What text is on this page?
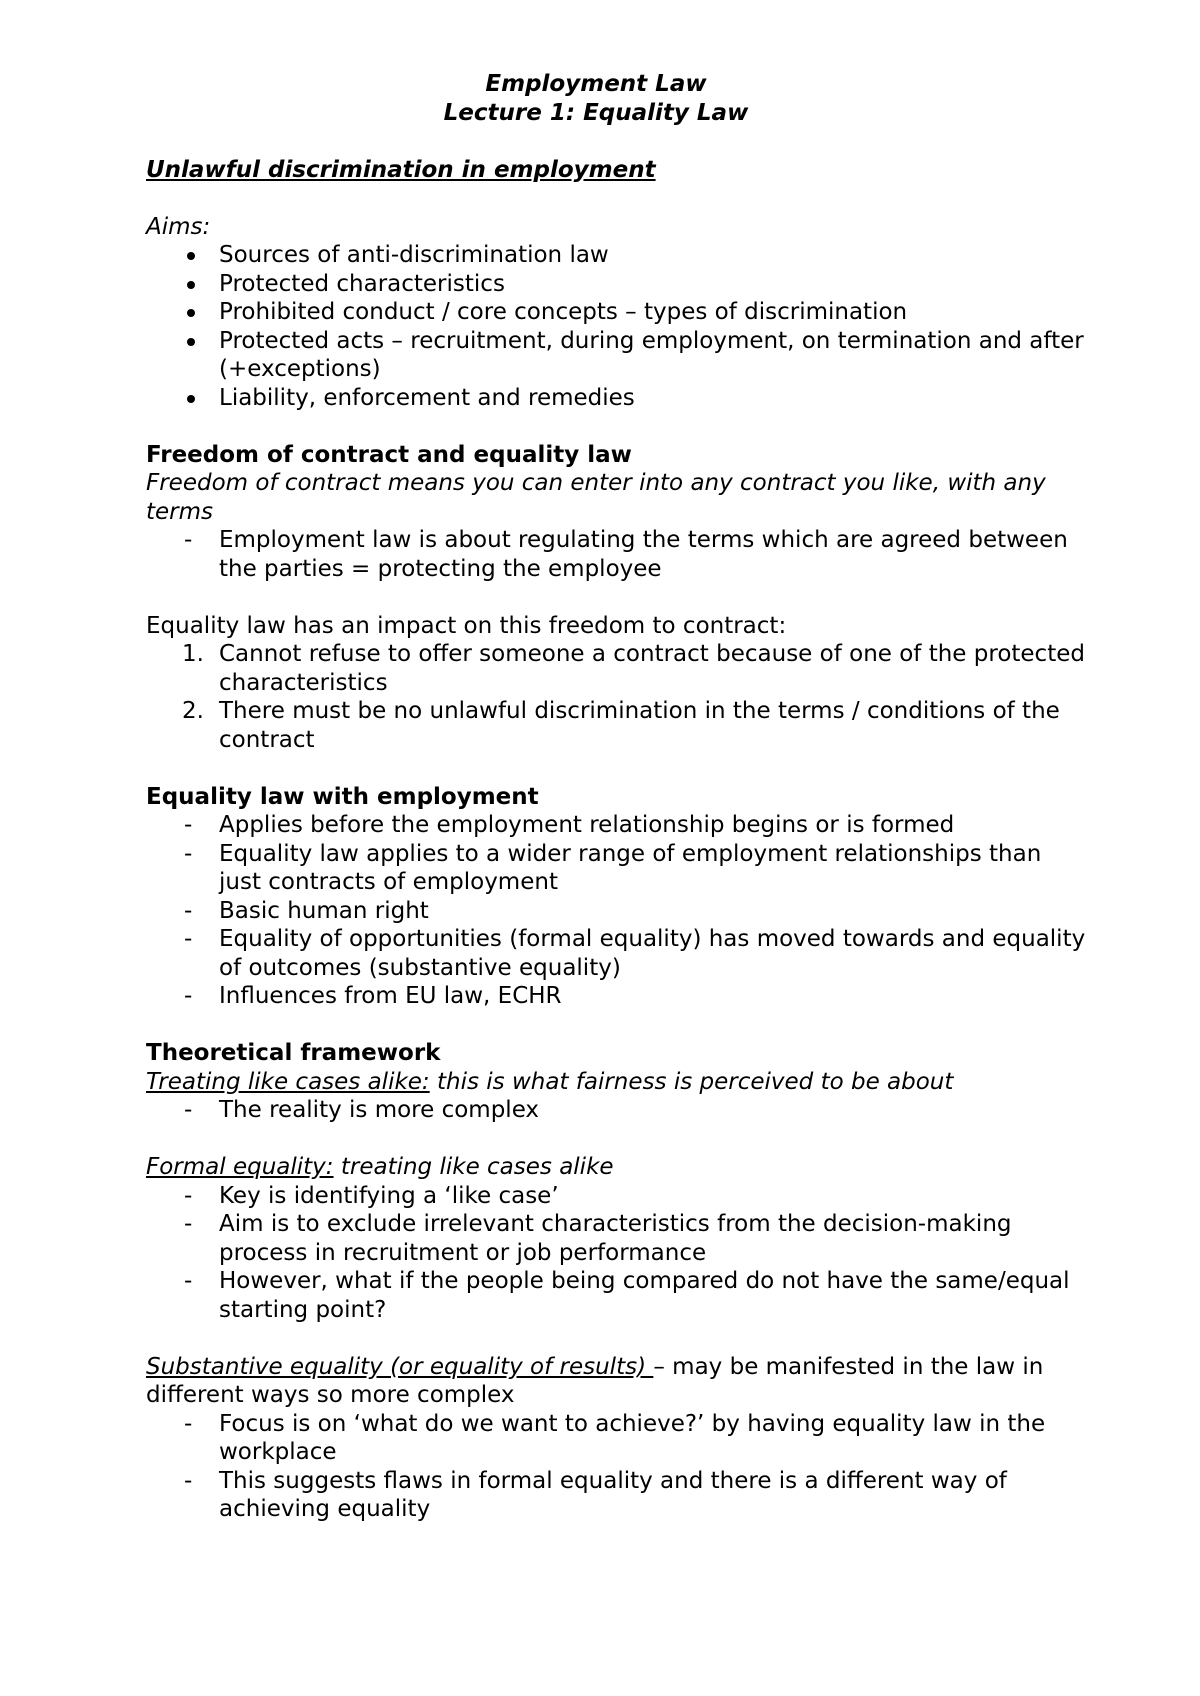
Employment Law
Lecture 1: Equality Law
Unlawful discrimination in employment
Aims:
Sources of anti-discrimination law
Protected characteristics
Prohibited conduct / core concepts – types of discrimination
Protected acts – recruitment, during employment, on termination and after (+exceptions)
Liability, enforcement and remedies
Freedom of contract and equality law
Freedom of contract means you can enter into any contract you like, with any terms
-	Employment law is about regulating the terms which are agreed between the parties = protecting the employee
Equality law has an impact on this freedom to contract:
1. Cannot refuse to offer someone a contract because of one of the protected characteristics
2. There must be no unlawful discrimination in the terms / conditions of the contract
Equality law with employment
-	Applies before the employment relationship begins or is formed
-	Equality law applies to a wider range of employment relationships than just contracts of employment
-	Basic human right
-	Equality of opportunities (formal equality) has moved towards and equality of outcomes (substantive equality)
-	Influences from EU law, ECHR
Theoretical framework
Treating like cases alike: this is what fairness is perceived to be about
-	The reality is more complex
Formal equality: treating like cases alike
-	Key is identifying a ‘like case’
-	Aim is to exclude irrelevant characteristics from the decision-making process in recruitment or job performance
-	However, what if the people being compared do not have the same/equal starting point?
Substantive equality (or equality of results) – may be manifested in the law in different ways so more complex
-	Focus is on ‘what do we want to achieve?’ by having equality law in the workplace
-	This suggests flaws in formal equality and there is a different way of achieving equality
